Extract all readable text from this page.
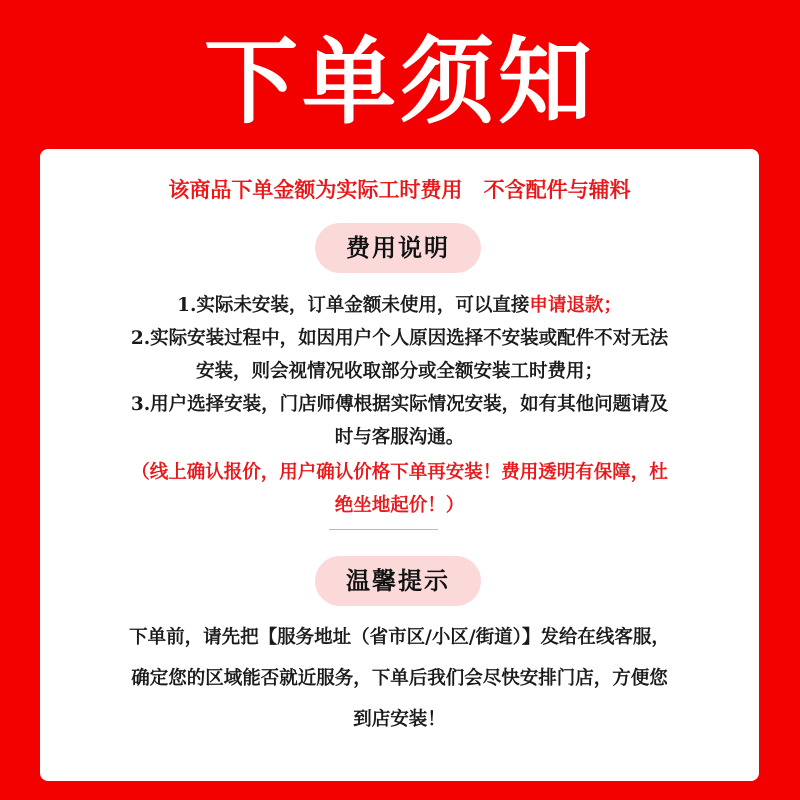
下单须知
该商品下单金额为实际工时费用 不含配件与辅料
费用说明
1.实际未安装，订单金额未使用，可以直接申请退款；
2.实际安装过程中，如因用户个人原因选择不安装或配件不对无法
安装，则会视情况收取部分或全额安装工时费用；
3.用户选择安装，门店师傅根据实际情况安装，如有其他问题请及
时与客服沟通。
（线上确认报价，用户确认价格下单再安装！费用透明有保障，杜
绝坐地起价！）
温馨提示
下单前，请先把【服务地址（省市区/小区/街道）】发给在线客服，
确定您的区域能否就近服务，下单后我们会尽快安排门店，方便您
到店安装！
